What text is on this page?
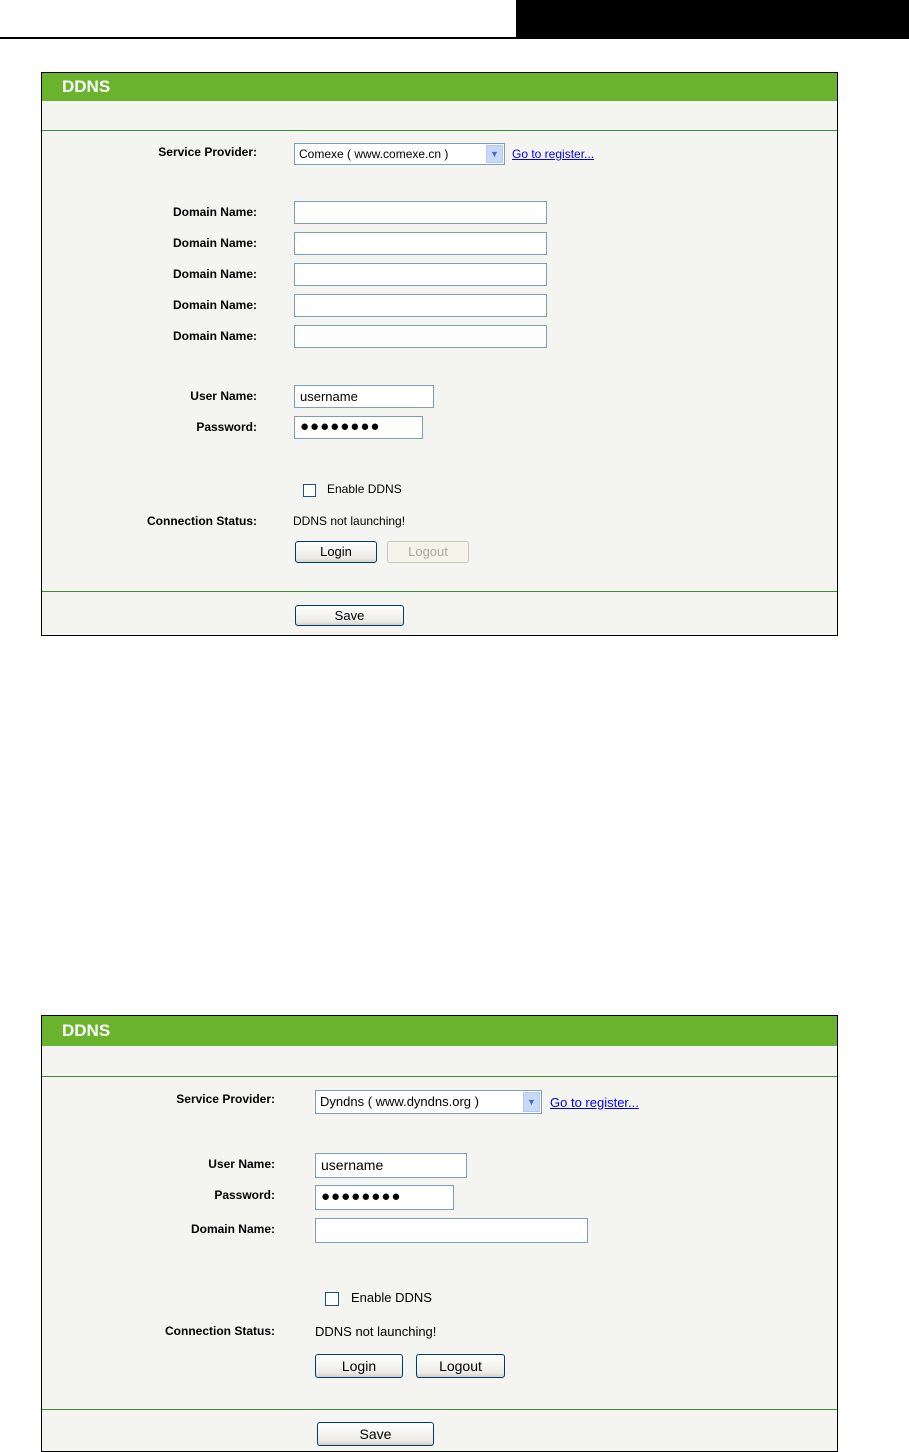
DDNS
Service Provider:	Comexe ( www.comexe.cn )	▼	Go to register...
Domain Name:
Domain Name:
Domain Name:
Domain Name:
Domain Name:
User Name:	username
Password:	●●●●●●●●
Enable DDNS
Connection Status:	DDNS not launching!
Login	Logout
Save
DDNS
Service Provider:	Dyndns ( www.dyndns.org )	▼	Go to register...
User Name:	username
Password:	●●●●●●●●
Domain Name:
Enable DDNS
Connection Status:	DDNS not launching!
Login	Logout
Save
